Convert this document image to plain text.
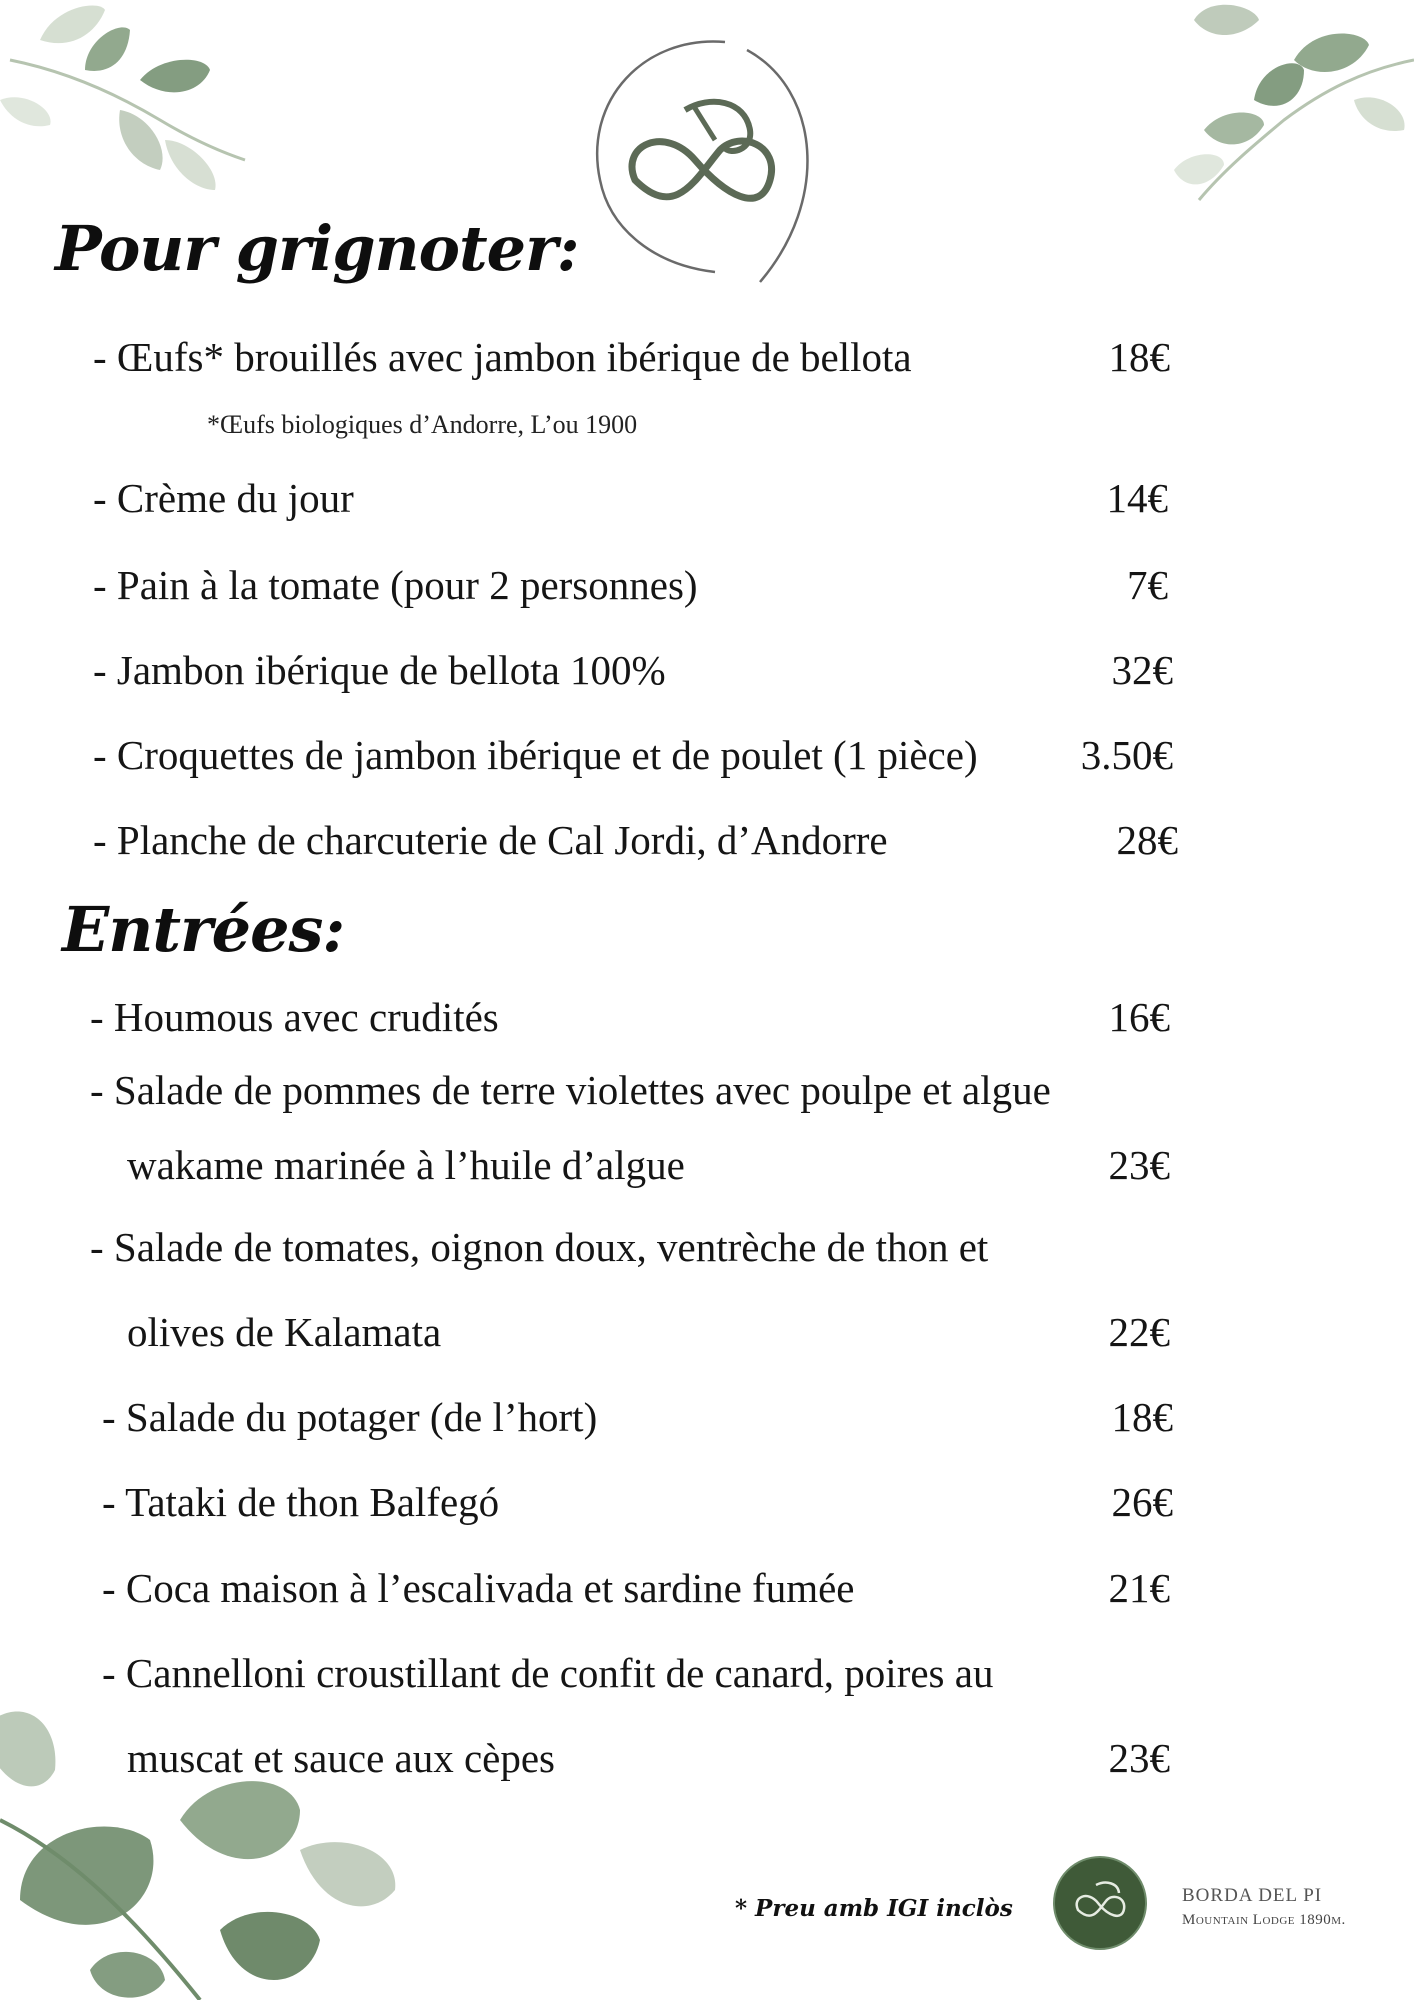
Pour grignoter:

- Œufs* brouillés avec jambon ibérique de bellota	18€

*Œufs biologiques d’Andorre, L’ou 1900

- Crème du jour	14€

- Pain à la tomate (pour 2 personnes)	7€

- Jambon ibérique de bellota 100%	32€

- Croquettes de jambon ibérique et de poulet (1 pièce)	3.50€

- Planche de charcuterie de Cal Jordi, d’Andorre	28€

Entrées:

- Houmous avec crudités	16€

- Salade de pommes de terre violettes avec poulpe et algue

wakame marinée à l’huile d’algue	23€

- Salade de tomates, oignon doux, ventrèche de thon et

olives de Kalamata	22€

- Salade du potager (de l’hort)	18€

- Tataki de thon Balfegó	26€

- Coca maison à l’escalivada et sardine fumée	21€

- Cannelloni croustillant de confit de canard, poires au

muscat et sauce aux cèpes	23€

* Preu amb IGI inclòs	BORDA DEL PI

Mountain Lodge 1890m.
